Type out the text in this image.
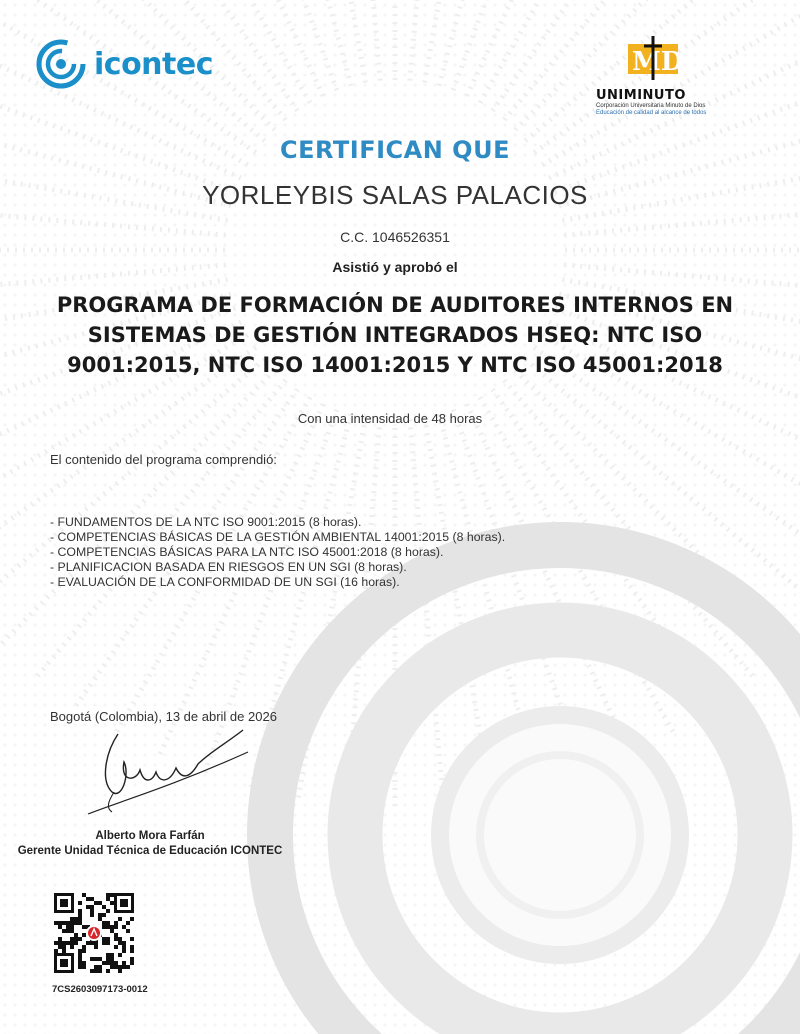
icontec	MD
UNIMINUTO
Corporación Universitaria Minuto de Dios
Educación de calidad al alcance de todos
CERTIFICAN QUE
YORLEYBIS SALAS PALACIOS
C.C. 1046526351
Asistió y aprobó el
PROGRAMA DE FORMACIÓN DE AUDITORES INTERNOS EN SISTEMAS DE GESTIÓN INTEGRADOS HSEQ: NTC ISO 9001:2015, NTC ISO 14001:2015 Y NTC ISO 45001:2018
Con una intensidad de 48 horas
El contenido del programa comprendió:
- FUNDAMENTOS DE LA NTC ISO 9001:2015 (8 horas).
- COMPETENCIAS BÁSICAS DE LA GESTIÓN AMBIENTAL 14001:2015 (8 horas).
- COMPETENCIAS BÁSICAS PARA LA NTC ISO 45001:2018 (8 horas).
- PLANIFICACION BASADA EN RIESGOS EN UN SGI (8 horas).
- EVALUACIÓN DE LA CONFORMIDAD DE UN SGI (16 horas).
Bogotá (Colombia), 13 de abril de 2026
Alberto Mora Farfán
Gerente Unidad Técnica de Educación ICONTEC
7CS2603097173-0012
